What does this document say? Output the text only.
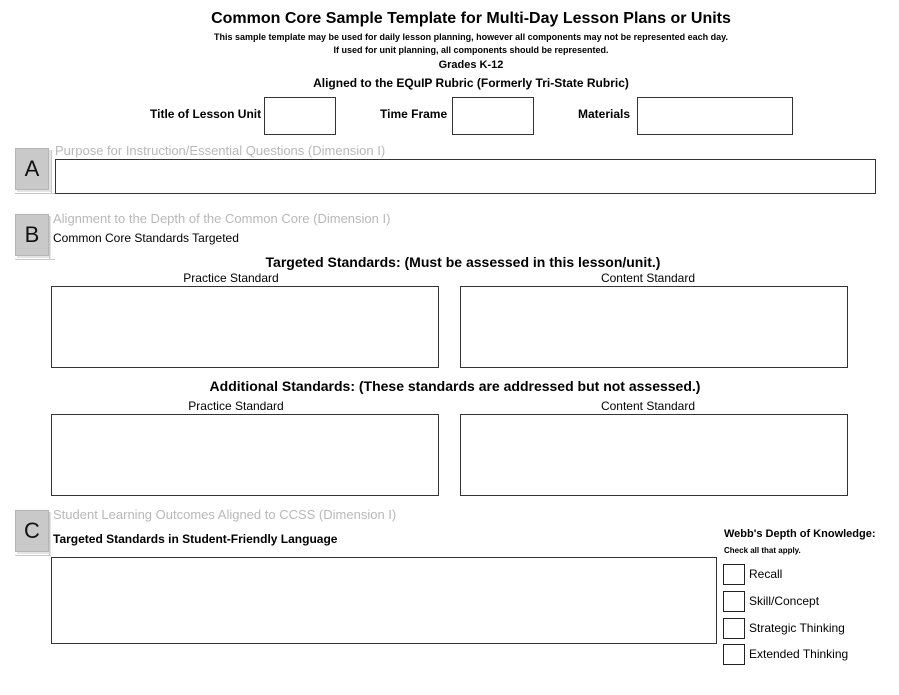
Common Core Sample Template for Multi-Day Lesson Plans or Units
This sample template may be used for daily lesson planning, however all components may not be represented each day.
If used for unit planning, all components should be represented.
Grades K-12
Aligned to the EQuIP Rubric (Formerly Tri-State Rubric)
Title of Lesson Unit	Time Frame	Materials
A
Purpose for Instruction/Essential Questions (Dimension I)
B
Alignment to the Depth of the Common Core (Dimension I)
Common Core Standards Targeted
Targeted Standards: (Must be assessed in this lesson/unit.)
Practice Standard	Content Standard
Additional Standards: (These standards are addressed but not assessed.)
Practice Standard	Content Standard
C
Student Learning Outcomes Aligned to CCSS (Dimension I)
Targeted Standards in Student-Friendly Language	Webb's Depth of Knowledge:
Check all that apply.
Recall
Skill/Concept
Strategic Thinking
Extended Thinking
